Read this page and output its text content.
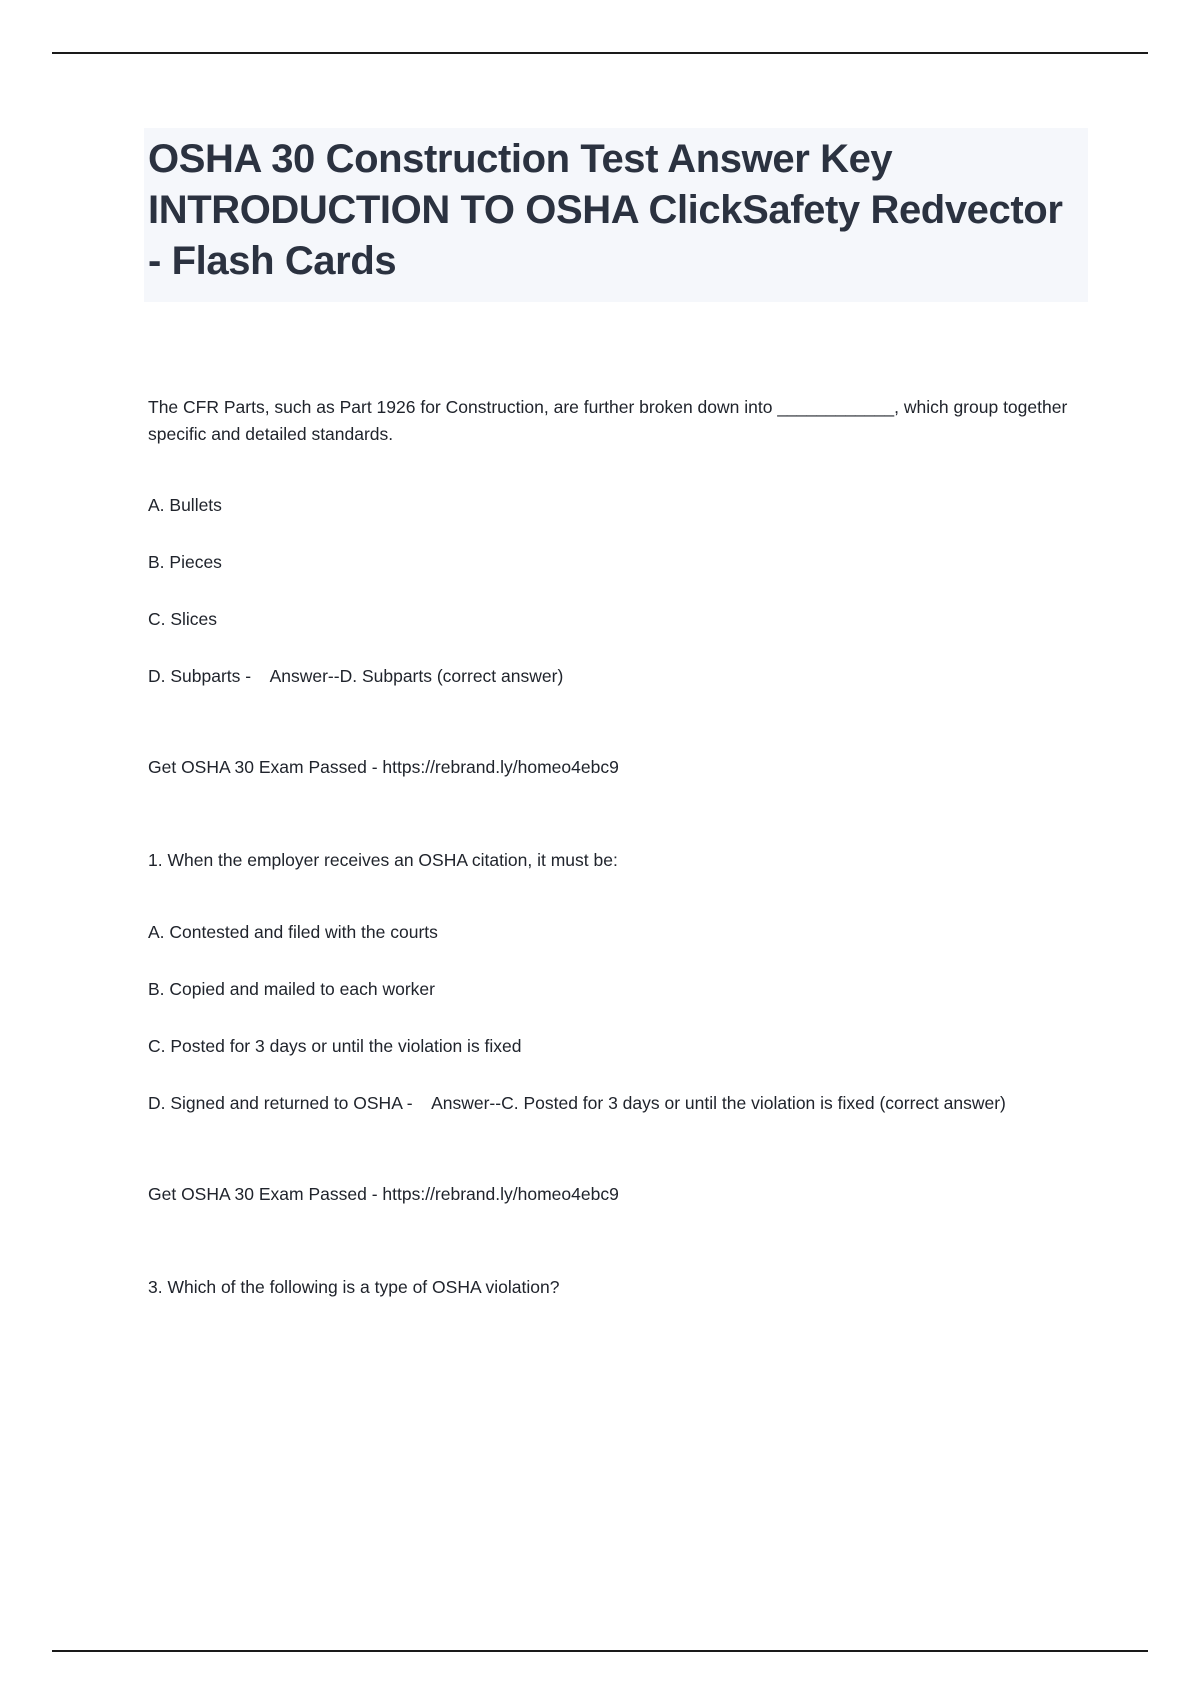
OSHA 30 Construction Test Answer Key INTRODUCTION TO OSHA ClickSafety Redvector - Flash Cards

The CFR Parts, such as Part 1926 for Construction, are further broken down into ____________, which group together specific and detailed standards.

A. Bullets

B. Pieces

C. Slices

D. Subparts -    Answer--D. Subparts (correct answer)

Get OSHA 30 Exam Passed - https://rebrand.ly/homeo4ebc9

1. When the employer receives an OSHA citation, it must be:

A. Contested and filed with the courts

B. Copied and mailed to each worker

C. Posted for 3 days or until the violation is fixed

D. Signed and returned to OSHA -    Answer--C. Posted for 3 days or until the violation is fixed (correct answer)

Get OSHA 30 Exam Passed - https://rebrand.ly/homeo4ebc9

3. Which of the following is a type of OSHA violation?
